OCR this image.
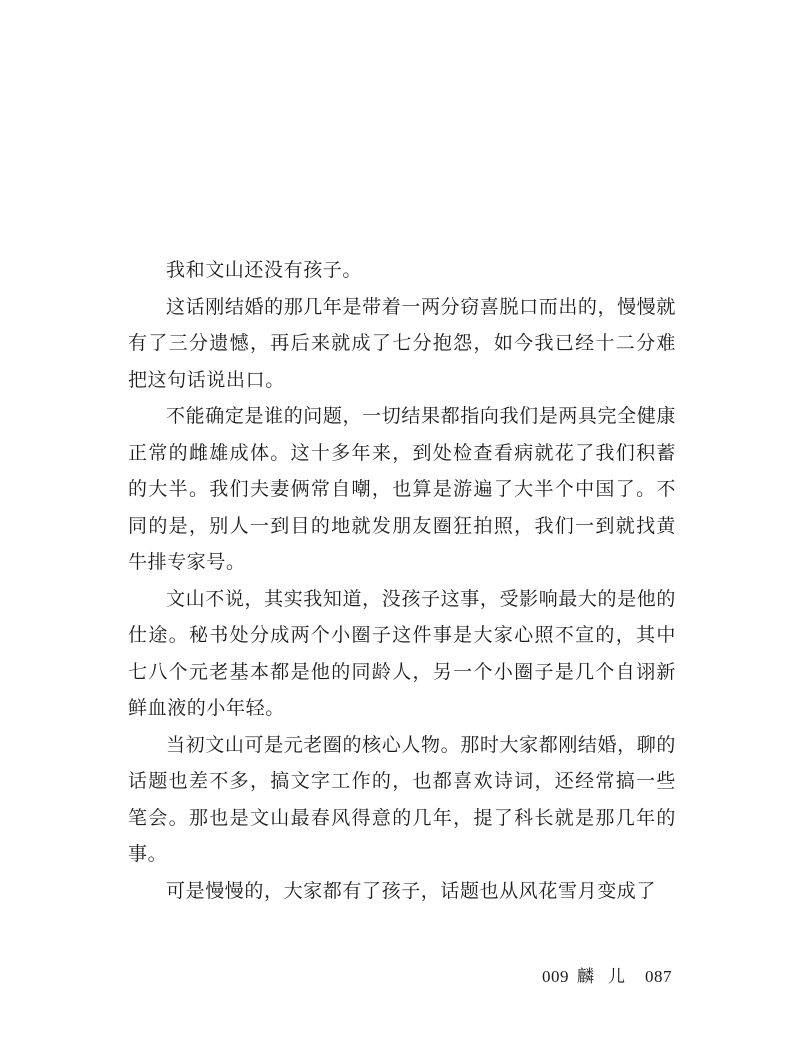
我和文山还没有孩子。

这话刚结婚的那几年是带着一两分窃喜脱口而出的，慢慢就有了三分遗憾，再后来就成了七分抱怨，如今我已经十二分难把这句话说出口。

不能确定是谁的问题，一切结果都指向我们是两具完全健康正常的雌雄成体。这十多年来，到处检查看病就花了我们积蓄的大半。我们夫妻俩常自嘲，也算是游遍了大半个中国了。不同的是，别人一到目的地就发朋友圈狂拍照，我们一到就找黄牛排专家号。

文山不说，其实我知道，没孩子这事，受影响最大的是他的仕途。秘书处分成两个小圈子这件事是大家心照不宣的，其中七八个元老基本都是他的同龄人，另一个小圈子是几个自诩新鲜血液的小年轻。

当初文山可是元老圈的核心人物。那时大家都刚结婚，聊的话题也差不多，搞文字工作的，也都喜欢诗词，还经常搞一些笔会。那也是文山最春风得意的几年，提了科长就是那几年的事。

可是慢慢的，大家都有了孩子，话题也从风花雪月变成了

009 麟儿 087
